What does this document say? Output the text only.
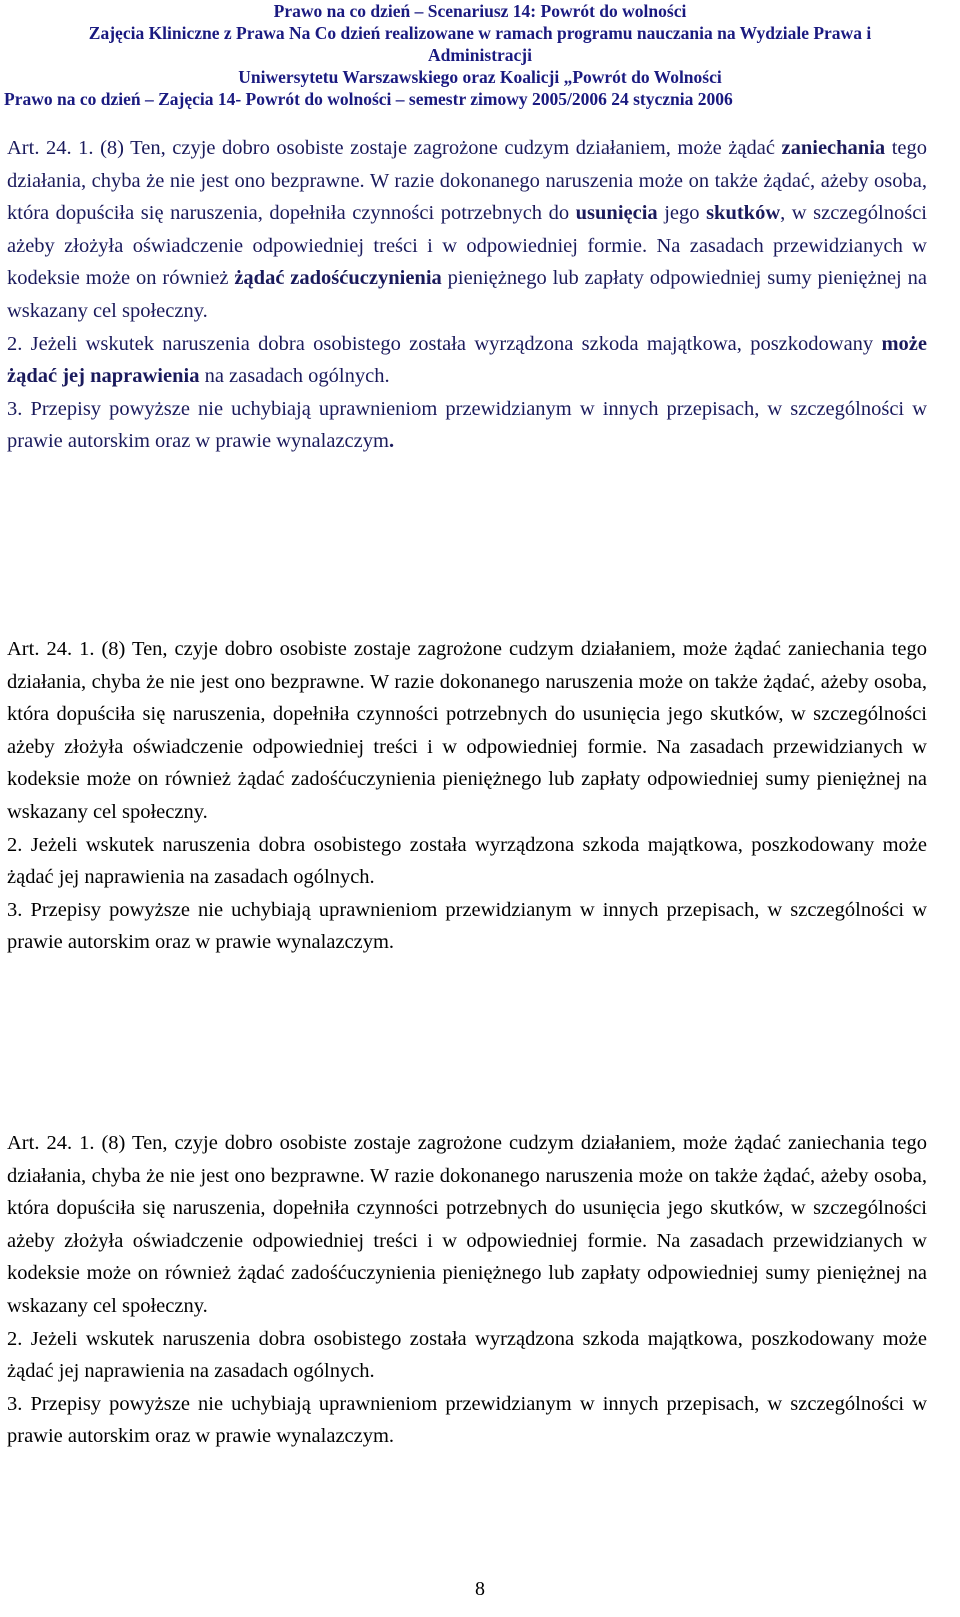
Prawo na co dzień – Scenariusz 14: Powrót do wolności
Zajęcia Kliniczne z Prawa Na Co dzień realizowane w ramach programu nauczania na Wydziale Prawa i
Administracji
Uniwersytetu Warszawskiego oraz Koalicji „Powrót do Wolności
Prawo na co dzień – Zajęcia 14- Powrót do wolności – semestr zimowy 2005/2006 24 stycznia 2006

Art. 24. 1. (8) Ten, czyje dobro osobiste zostaje zagrożone cudzym działaniem, może żądać zaniechania tego działania, chyba że nie jest ono bezprawne. W razie dokonanego naruszenia może on także żądać, ażeby osoba, która dopuściła się naruszenia, dopełniła czynności potrzebnych do usunięcia jego skutków, w szczególności ażeby złożyła oświadczenie odpowiedniej treści i w odpowiedniej formie. Na zasadach przewidzianych w kodeksie może on również żądać zadośćuczynienia pieniężnego lub zapłaty odpowiedniej sumy pieniężnej na wskazany cel społeczny.

2. Jeżeli wskutek naruszenia dobra osobistego została wyrządzona szkoda majątkowa, poszkodowany może żądać jej naprawienia na zasadach ogólnych.

3. Przepisy powyższe nie uchybiają uprawnieniom przewidzianym w innych przepisach, w szczególności w prawie autorskim oraz w prawie wynalazczym.

Art. 24. 1. (8) Ten, czyje dobro osobiste zostaje zagrożone cudzym działaniem, może żądać zaniechania tego działania, chyba że nie jest ono bezprawne. W razie dokonanego naruszenia może on także żądać, ażeby osoba, która dopuściła się naruszenia, dopełniła czynności potrzebnych do usunięcia jego skutków, w szczególności ażeby złożyła oświadczenie odpowiedniej treści i w odpowiedniej formie. Na zasadach przewidzianych w kodeksie może on również żądać zadośćuczynienia pieniężnego lub zapłaty odpowiedniej sumy pieniężnej na wskazany cel społeczny.

2. Jeżeli wskutek naruszenia dobra osobistego została wyrządzona szkoda majątkowa, poszkodowany może żądać jej naprawienia na zasadach ogólnych.

3. Przepisy powyższe nie uchybiają uprawnieniom przewidzianym w innych przepisach, w szczególności w prawie autorskim oraz w prawie wynalazczym.

Art. 24. 1. (8) Ten, czyje dobro osobiste zostaje zagrożone cudzym działaniem, może żądać zaniechania tego działania, chyba że nie jest ono bezprawne. W razie dokonanego naruszenia może on także żądać, ażeby osoba, która dopuściła się naruszenia, dopełniła czynności potrzebnych do usunięcia jego skutków, w szczególności ażeby złożyła oświadczenie odpowiedniej treści i w odpowiedniej formie. Na zasadach przewidzianych w kodeksie może on również żądać zadośćuczynienia pieniężnego lub zapłaty odpowiedniej sumy pieniężnej na wskazany cel społeczny.

2. Jeżeli wskutek naruszenia dobra osobistego została wyrządzona szkoda majątkowa, poszkodowany może żądać jej naprawienia na zasadach ogólnych.

3. Przepisy powyższe nie uchybiają uprawnieniom przewidzianym w innych przepisach, w szczególności w prawie autorskim oraz w prawie wynalazczym.

8
